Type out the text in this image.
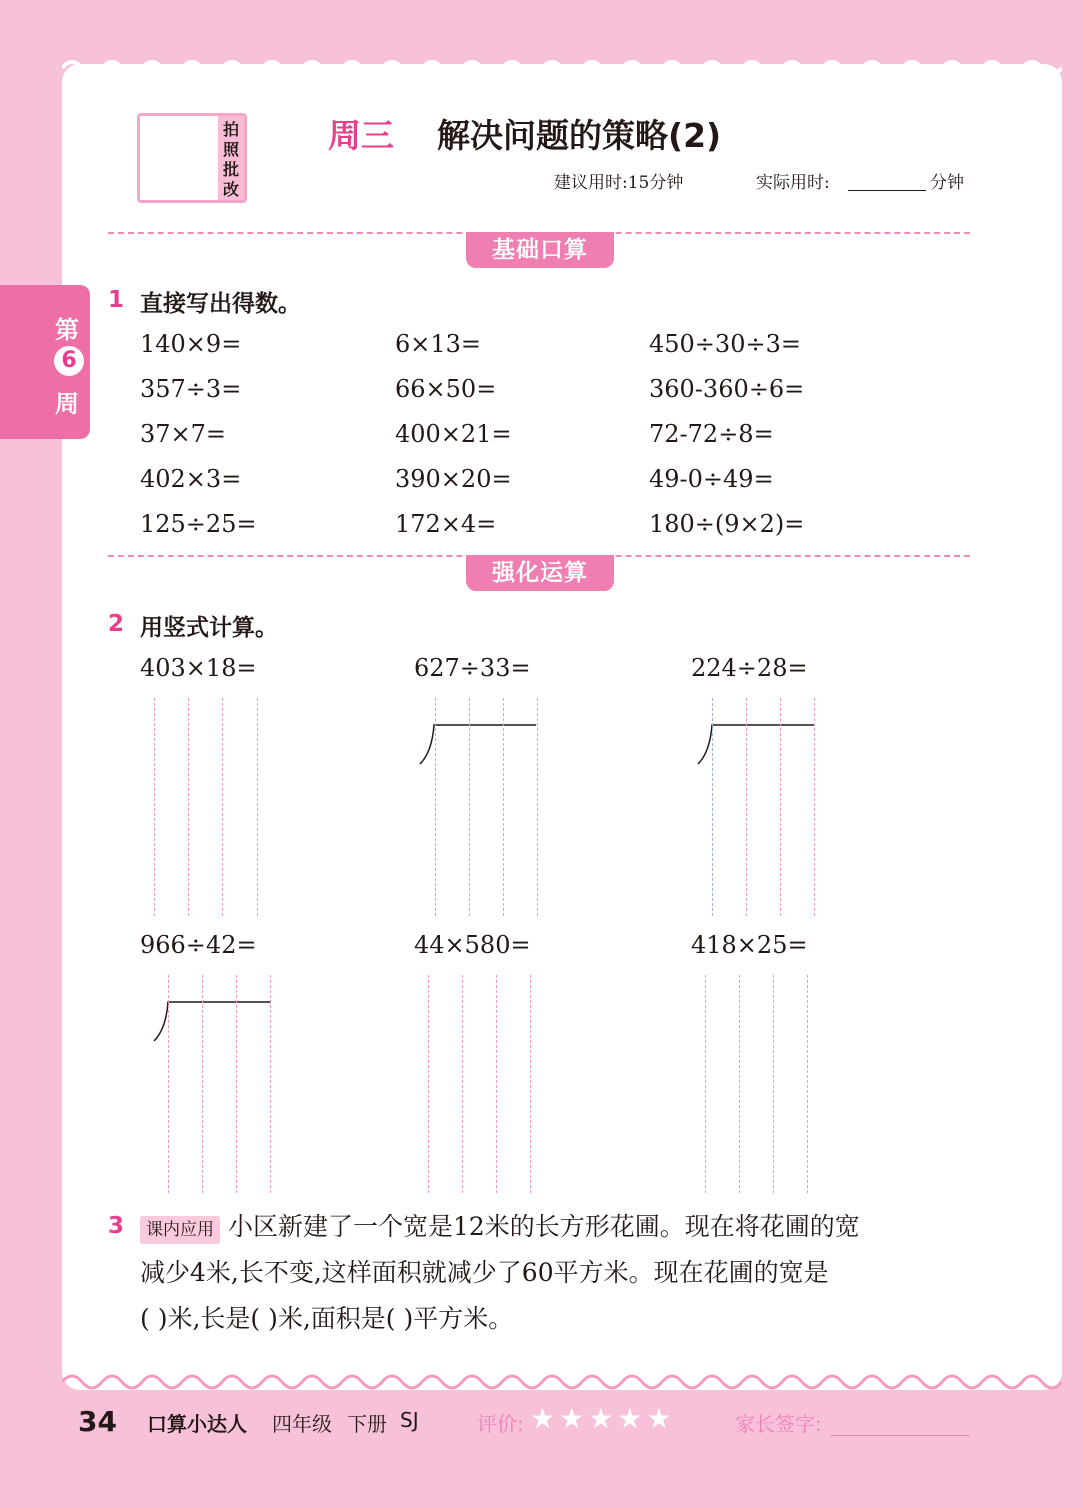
拍照批改
周三 解决问题的策略(2)
建议用时:15分钟	实际用时:	分钟
第
6
周
基础口算
1 直接写出得数。
140×9=	6×13=	450÷30÷3=
357÷3=	66×50=	360-360÷6=
37×7=	400×21=	72-72÷8=
402×3=	390×20=	49-0÷49=
125÷25=	172×4=	180÷(9×2)=
强化运算
2 用竖式计算。
403×18=	627÷33=	224÷28=
966÷42=	44×580=	418×25=
3	课内应用 小区新建了一个宽是12米的长方形花圃。现在将花圃的宽
减少4米,长不变,这样面积就减少了60平方米。现在花圃的宽是
( )米,长是( )米,面积是( )平方米。
34 口算小达人 四年级 下册 SJ	评价: ★★★★★	家长签字:
